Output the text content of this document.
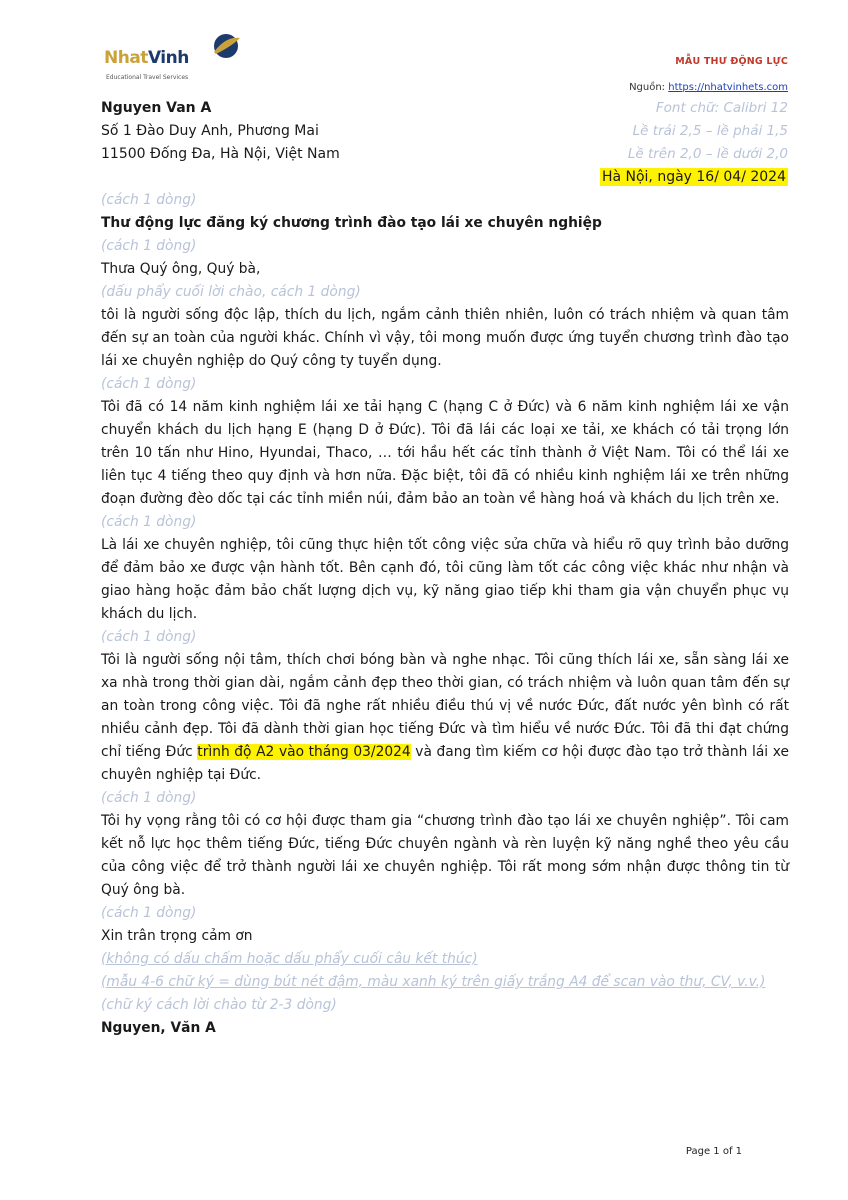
NhatVinh
Educational Travel Services
MẪU THƯ ĐỘNG LỰC
Nguồn: https://nhatvinhets.com
Font chữ: Calibri 12
Lề trái 2,5 – lề phải 1,5
Lề trên 2,0 – lề dưới 2,0
Hà Nội, ngày 16/ 04/ 2024
Nguyen Van A
Số 1 Đào Duy Anh, Phương Mai
11500 Đống Đa, Hà Nội, Việt Nam

(cách 1 dòng)

Thư động lực đăng ký chương trình đào tạo lái xe chuyên nghiệp

(cách 1 dòng)

Thưa Quý ông, Quý bà,

(dấu phẩy cuối lời chào, cách 1 dòng)

tôi là người sống độc lập, thích du lịch, ngắm cảnh thiên nhiên, luôn có trách nhiệm và quan tâm đến sự an toàn của người khác. Chính vì vậy, tôi mong muốn được ứng tuyển chương trình đào tạo lái xe chuyên nghiệp do Quý công ty tuyển dụng.

(cách 1 dòng)

Tôi đã có 14 năm kinh nghiệm lái xe tải hạng C (hạng C ở Đức) và 6 năm kinh nghiệm lái xe vận chuyển khách du lịch hạng E (hạng D ở Đức). Tôi đã lái các loại xe tải, xe khách có tải trọng lớn trên 10 tấn như Hino, Hyundai, Thaco, … tới hầu hết các tỉnh thành ở Việt Nam. Tôi có thể lái xe liên tục 4 tiếng theo quy định và hơn nữa. Đặc biệt, tôi đã có nhiều kinh nghiệm lái xe trên những đoạn đường đèo dốc tại các tỉnh miền núi, đảm bảo an toàn về hàng hoá và khách du lịch trên xe.

(cách 1 dòng)

Là lái xe chuyên nghiệp, tôi cũng thực hiện tốt công việc sửa chữa và hiểu rõ quy trình bảo dưỡng để đảm bảo xe được vận hành tốt. Bên cạnh đó, tôi cũng làm tốt các công việc khác như nhận và giao hàng hoặc đảm bảo chất lượng dịch vụ, kỹ năng giao tiếp khi tham gia vận chuyển phục vụ khách du lịch.

(cách 1 dòng)

Tôi là người sống nội tâm, thích chơi bóng bàn và nghe nhạc. Tôi cũng thích lái xe, sẵn sàng lái xe xa nhà trong thời gian dài, ngắm cảnh đẹp theo thời gian, có trách nhiệm và luôn quan tâm đến sự an toàn trong công việc. Tôi đã nghe rất nhiều điều thú vị về nước Đức, đất nước yên bình có rất nhiều cảnh đẹp. Tôi đã dành thời gian học tiếng Đức và tìm hiểu về nước Đức. Tôi đã thi đạt chứng chỉ tiếng Đức trình độ A2 vào tháng 03/2024 và đang tìm kiếm cơ hội được đào tạo trở thành lái xe chuyên nghiệp tại Đức.

(cách 1 dòng)

Tôi hy vọng rằng tôi có cơ hội được tham gia “chương trình đào tạo lái xe chuyên nghiệp”. Tôi cam kết nỗ lực học thêm tiếng Đức, tiếng Đức chuyên ngành và rèn luyện kỹ năng nghề theo yêu cầu của công việc để trở thành người lái xe chuyên nghiệp. Tôi rất mong sớm nhận được thông tin từ Quý ông bà.

(cách 1 dòng)

Xin trân trọng cảm ơn

(không có dấu chấm hoặc dấu phẩy cuối câu kết thúc)

(mẫu 4-6 chữ ký = dùng bút nét đậm, màu xanh ký trên giấy trắng A4 để scan vào thư, CV, v.v.)

(chữ ký cách lời chào từ 2-3 dòng)

Nguyen, Văn A

Page 1 of 1
